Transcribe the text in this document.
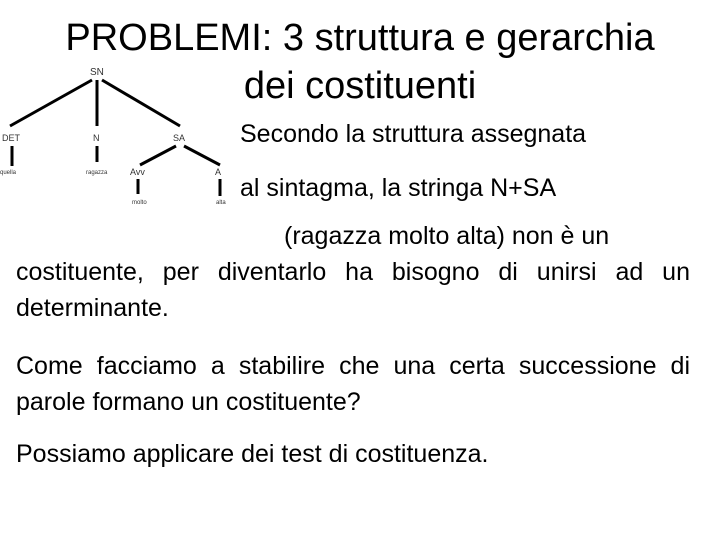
PROBLEMI: 3 struttura e gerarchia
dei costituenti
SN
DET	N	SA
quella	ragazza	Avv	A
molto	alta

Secondo la struttura assegnata

al sintagma, la stringa N+SA

(ragazza molto alta) non è un
costituente, per diventarlo ha bisogno di unirsi ad un determinante.

Come facciamo a stabilire che una certa successione di parole formano un costituente?

Possiamo applicare dei test di costituenza.
